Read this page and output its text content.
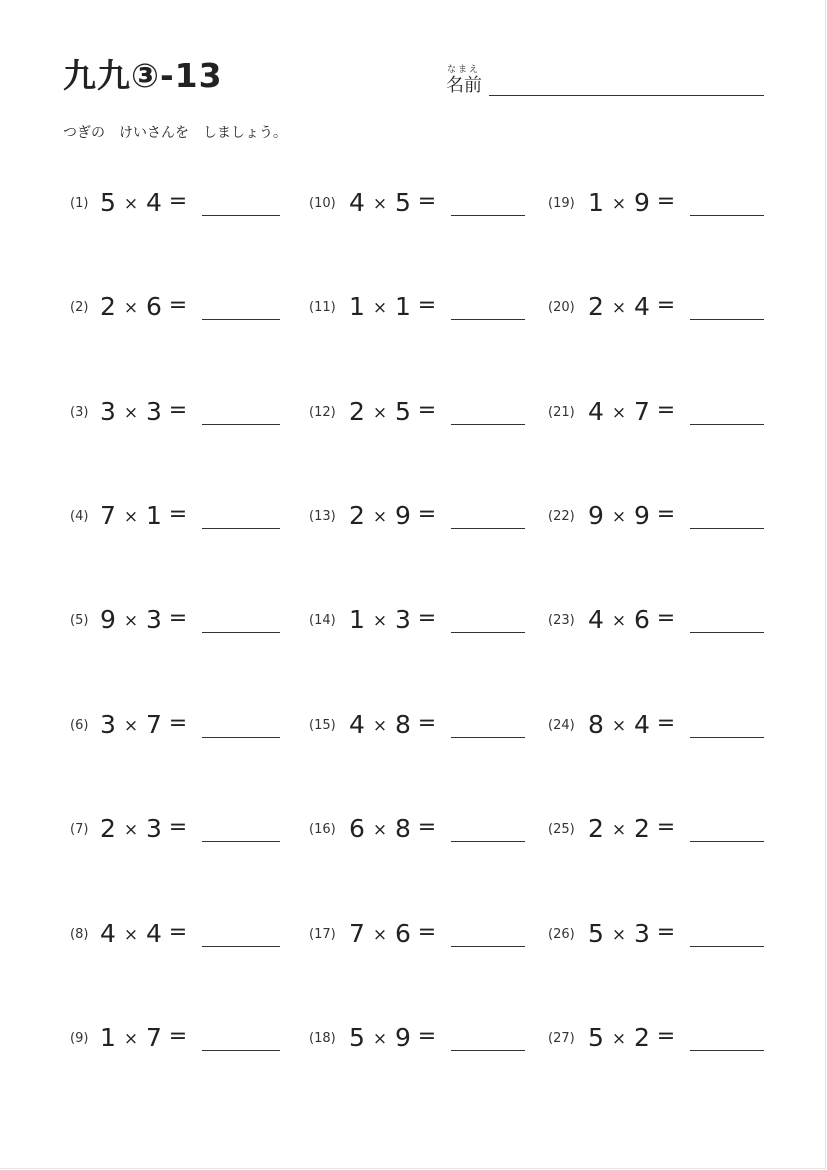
九九③-13	なまえ
名前
つぎの　けいさんを　しましょう。
(1) 5 × 4 =
(2) 2 × 6 =
(3) 3 × 3 =
(4) 7 × 1 =
(5) 9 × 3 =
(6) 3 × 7 =
(7) 2 × 3 =
(8) 4 × 4 =
(9) 1 × 7 =
(10) 4 × 5 =
(11) 1 × 1 =
(12) 2 × 5 =
(13) 2 × 9 =
(14) 1 × 3 =
(15) 4 × 8 =
(16) 6 × 8 =
(17) 7 × 6 =
(18) 5 × 9 =
(19) 1 × 9 =
(20) 2 × 4 =
(21) 4 × 7 =
(22) 9 × 9 =
(23) 4 × 6 =
(24) 8 × 4 =
(25) 2 × 2 =
(26) 5 × 3 =
(27) 5 × 2 =
